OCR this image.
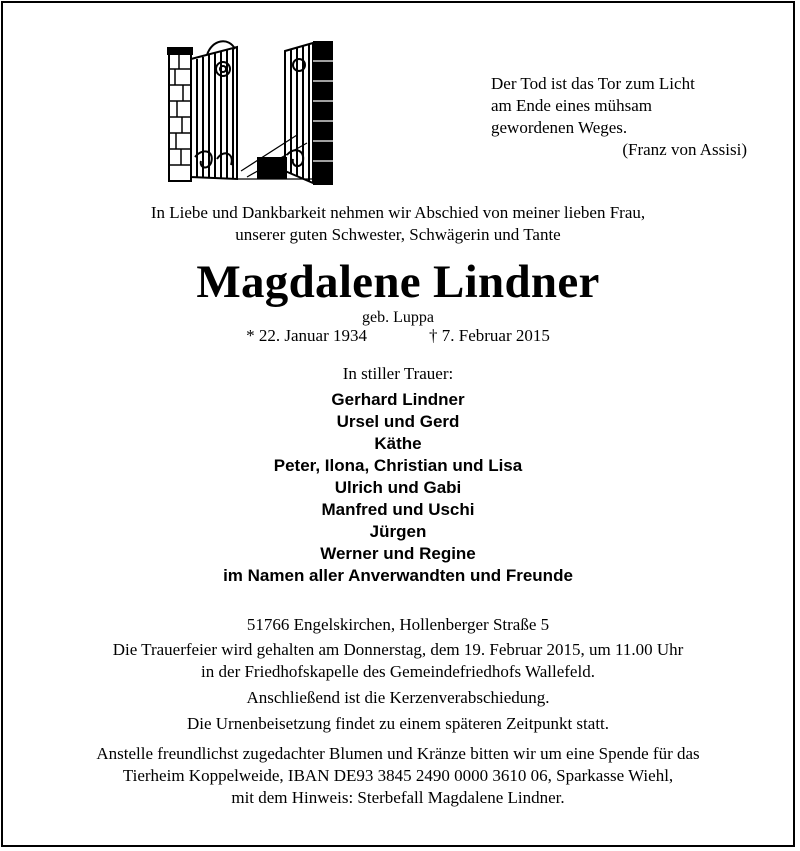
Der Tod ist das Tor zum Licht
am Ende eines mühsam
gewordenen Weges.
(Franz von Assisi)
In Liebe und Dankbarkeit nehmen wir Abschied von meiner lieben Frau,
unserer guten Schwester, Schwägerin und Tante
Magdalene Lindner
geb. Luppa
* 22. Januar 1934	† 7. Februar 2015
In stiller Trauer:
Gerhard Lindner
Ursel und Gerd
Käthe
Peter, Ilona, Christian und Lisa
Ulrich und Gabi
Manfred und Uschi
Jürgen
Werner und Regine
im Namen aller Anverwandten und Freunde
51766 Engelskirchen, Hollenberger Straße 5
Die Trauerfeier wird gehalten am Donnerstag, dem 19. Februar 2015, um 11.00 Uhr
in der Friedhofskapelle des Gemeindefriedhofs Wallefeld.
Anschließend ist die Kerzenverabschiedung.
Die Urnenbeisetzung findet zu einem späteren Zeitpunkt statt.
Anstelle freundlichst zugedachter Blumen und Kränze bitten wir um eine Spende für das
Tierheim Koppelweide, IBAN DE93 3845 2490 0000 3610 06, Sparkasse Wiehl,
mit dem Hinweis: Sterbefall Magdalene Lindner.
